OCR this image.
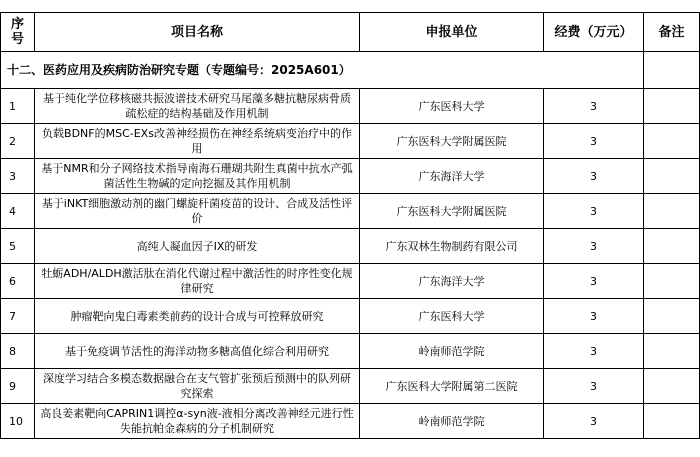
序号	项目名称	申报单位	经费（万元）	备注
十二、医药应用及疾病防治研究专题（专题编号：2025A601）				
1	基于纯化学位移核磁共振波谱技术研究马尾藻多糖抗糖尿病骨质疏松症的结构基础及作用机制	广东医科大学	3	
2	负载BDNF的MSC-EXs改善神经损伤在神经系统病变治疗中的作用	广东医科大学附属医院	3	
3	基于NMR和分子网络技术指导南海石珊瑚共附生真菌中抗水产弧菌活性生物碱的定向挖掘及其作用机制	广东海洋大学	3	
4	基于iNKT细胞激动剂的幽门螺旋杆菌疫苗的设计、合成及活性评价	广东医科大学附属医院	3	
5	高纯人凝血因子IX的研发	广东双林生物制药有限公司	3	
6	牡蛎ADH/ALDH激活肽在消化代谢过程中激活性的时序性变化规律研究	广东海洋大学	3	
7	肿瘤靶向鬼臼毒素类前药的设计合成与可控释放研究	广东医科大学	3	
8	基于免疫调节活性的海洋动物多糖高值化综合利用研究	岭南师范学院	3	
9	深度学习结合多模态数据融合在支气管扩张预后预测中的队列研究探索	广东医科大学附属第二医院	3	
10	高良姜素靶向CAPRIN1调控α-syn液-液相分离改善神经元进行性失能抗帕金森病的分子机制研究	岭南师范学院	3	
